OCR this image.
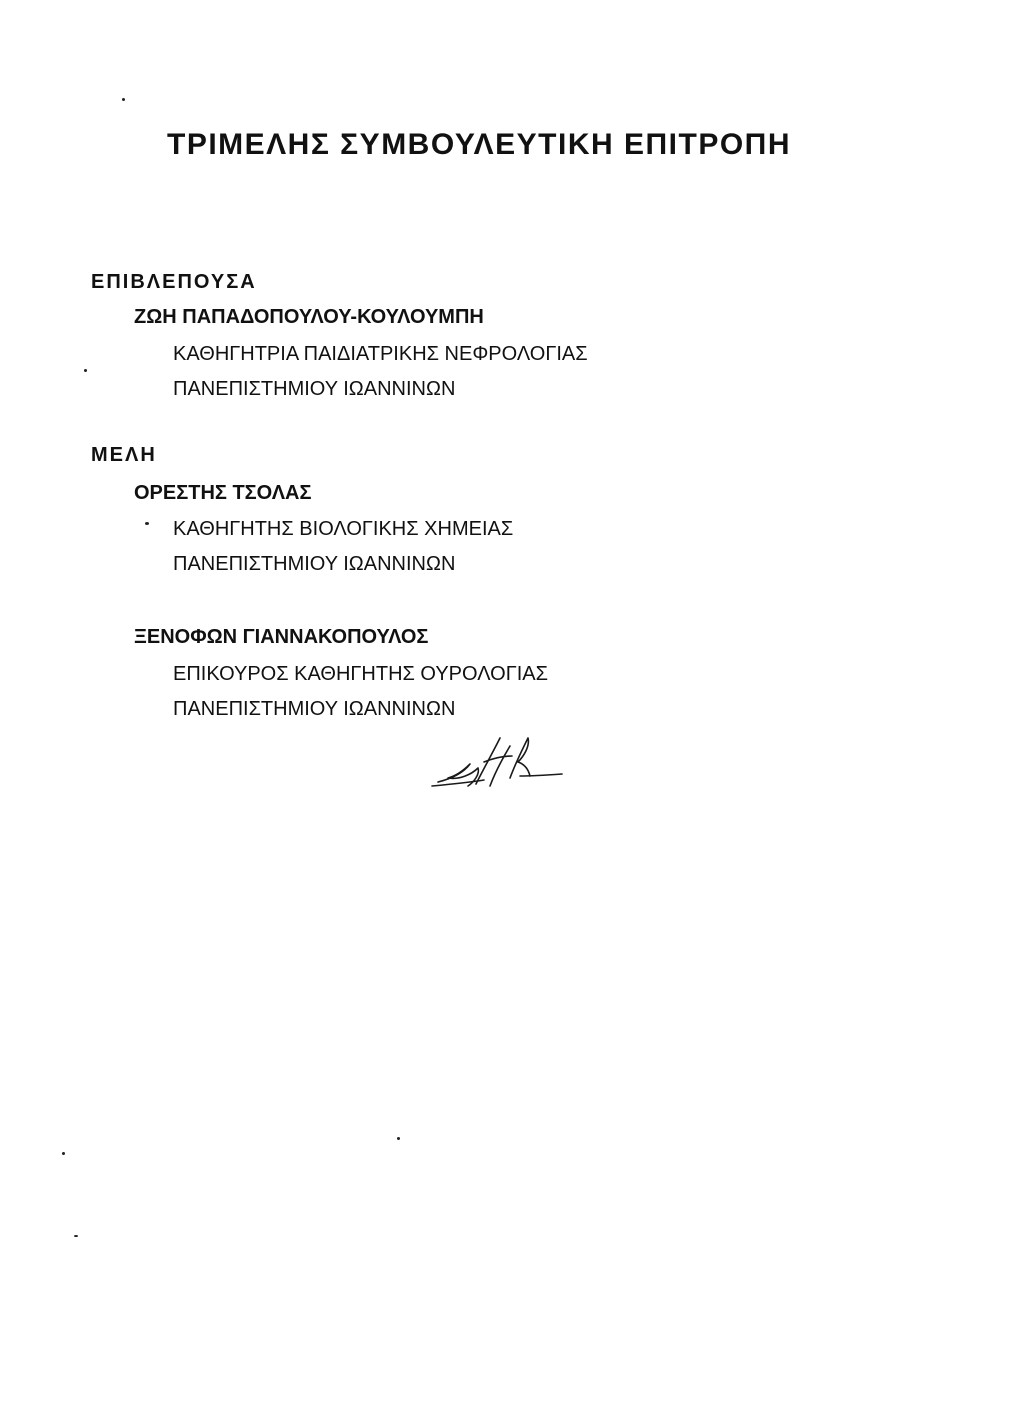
ΤΡΙΜΕΛΗΣ ΣΥΜΒΟΥΛΕΥΤΙΚΗ ΕΠΙΤΡΟΠΗ
ΕΠΙΒΛΕΠΟΥΣΑ
ΖΩΗ ΠΑΠΑΔΟΠΟΥΛΟΥ-ΚΟΥΛΟΥΜΠΗ
ΚΑΘΗΓΗΤΡΙΑ ΠΑΙΔΙΑΤΡΙΚΗΣ ΝΕΦΡΟΛΟΓΙΑΣ
ΠΑΝΕΠΙΣΤΗΜΙΟΥ ΙΩΑΝΝΙΝΩΝ
ΜΕΛΗ
ΟΡΕΣΤΗΣ ΤΣΟΛΑΣ
ΚΑΘΗΓΗΤΗΣ ΒΙΟΛΟΓΙΚΗΣ ΧΗΜΕΙΑΣ
ΠΑΝΕΠΙΣΤΗΜΙΟΥ ΙΩΑΝΝΙΝΩΝ
ΞΕΝΟΦΩΝ ΓΙΑΝΝΑΚΟΠΟΥΛΟΣ
ΕΠΙΚΟΥΡΟΣ ΚΑΘΗΓΗΤΗΣ ΟΥΡΟΛΟΓΙΑΣ
ΠΑΝΕΠΙΣΤΗΜΙΟΥ ΙΩΑΝΝΙΝΩΝ
